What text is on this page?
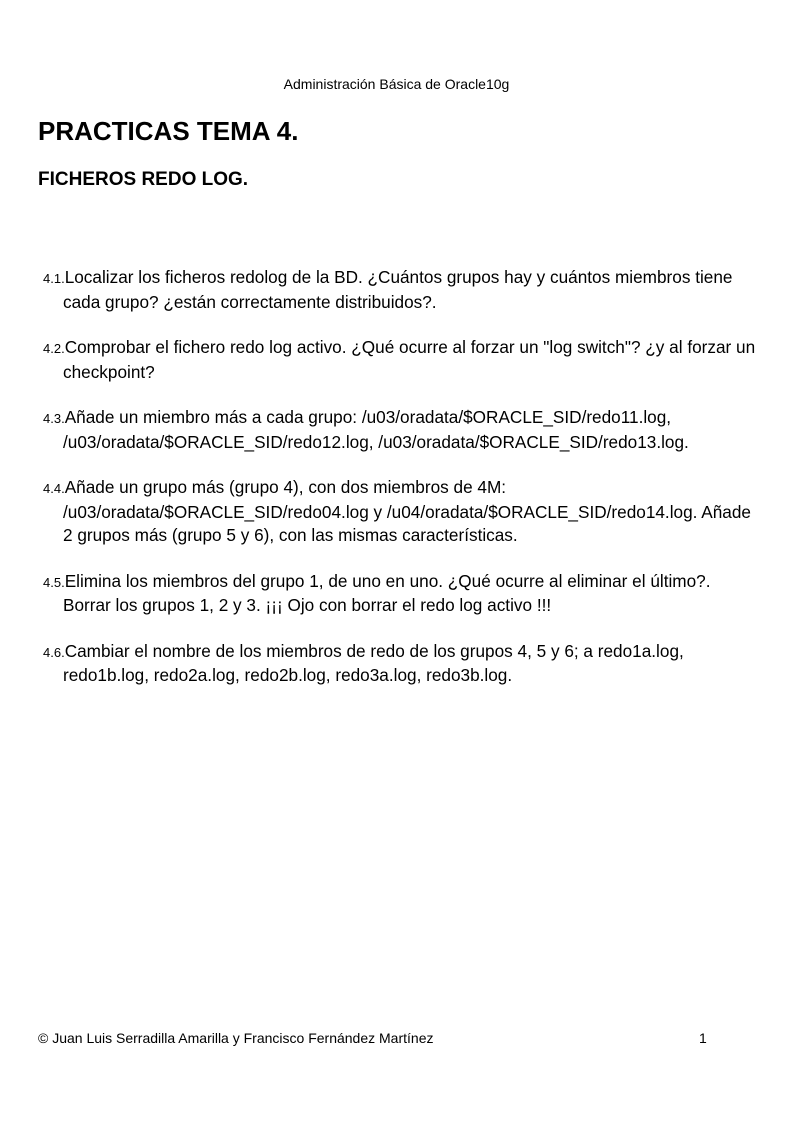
Administración Básica de Oracle10g
PRACTICAS TEMA 4.
FICHEROS REDO LOG.
4.1.Localizar los ficheros redolog de la BD. ¿Cuántos grupos hay y cuántos miembros tiene cada grupo? ¿están correctamente distribuidos?.
4.2.Comprobar el fichero redo log activo. ¿Qué ocurre al forzar un "log switch"? ¿y al forzar un checkpoint?
4.3.Añade un miembro más a cada grupo: /u03/oradata/$ORACLE_SID/redo11.log, /u03/oradata/$ORACLE_SID/redo12.log, /u03/oradata/$ORACLE_SID/redo13.log.
4.4.Añade un grupo más (grupo 4), con dos miembros de 4M: /u03/oradata/$ORACLE_SID/redo04.log y /u04/oradata/$ORACLE_SID/redo14.log. Añade 2 grupos más (grupo 5 y 6), con las mismas características.
4.5.Elimina los miembros del grupo 1, de uno en uno. ¿Qué ocurre al eliminar el último?. Borrar los grupos 1, 2 y 3. ¡¡¡ Ojo con borrar el redo log activo !!!
4.6.Cambiar el nombre de los miembros de redo de los grupos 4, 5 y 6; a redo1a.log, redo1b.log, redo2a.log, redo2b.log, redo3a.log, redo3b.log.
© Juan Luis Serradilla Amarilla y Francisco Fernández Martínez	1
